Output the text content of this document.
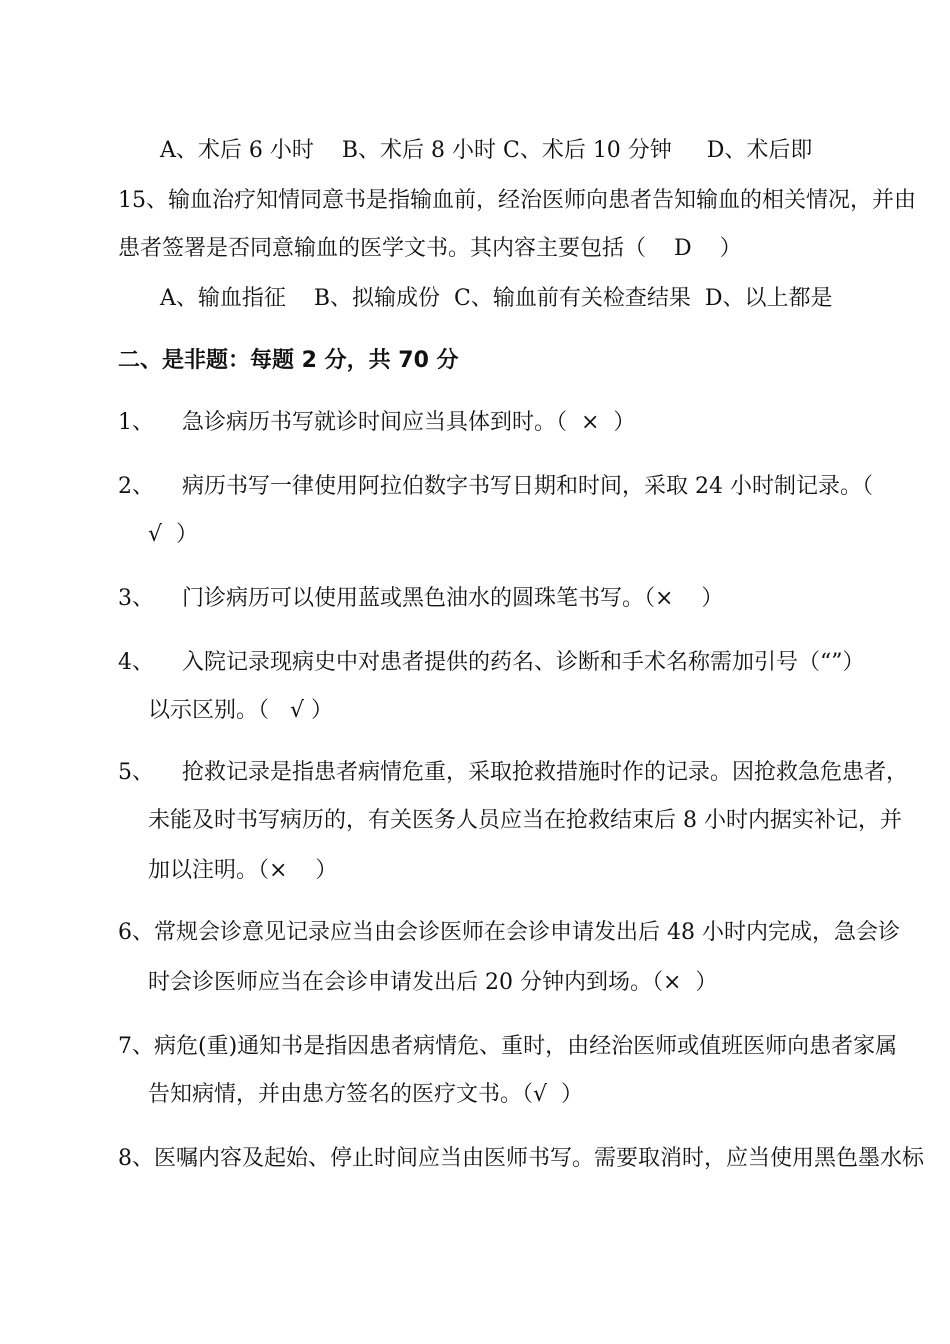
A、术后 6 小时    B、术后 8 小时 C、术后 10 分钟     D、术后即
15、输血治疗知情同意书是指输血前，经治医师向患者告知输血的相关情况，并由
患者签署是否同意输血的医学文书。其内容主要包括（    D    ）
A、输血指征    B、拟输成份  C、输血前有关检查结果  D、以上都是
二、是非题：每题 2 分，共 70 分
1、    急诊病历书写就诊时间应当具体到时。（  ×  ）
2、    病历书写一律使用阿拉伯数字书写日期和时间，采取 24 小时制记录。（
√  ）
3、    门诊病历可以使用蓝或黑色油水的圆珠笔书写。（×    ）
4、    入院记录现病史中对患者提供的药名、诊断和手术名称需加引号（“”）
以示区别。（   √ ）
5、    抢救记录是指患者病情危重，采取抢救措施时作的记录。因抢救急危患者，
未能及时书写病历的，有关医务人员应当在抢救结束后 8 小时内据实补记，并
加以注明。（×    ）
6、常规会诊意见记录应当由会诊医师在会诊申请发出后 48 小时内完成，急会诊
时会诊医师应当在会诊申请发出后 20 分钟内到场。（×  ）
7、病危(重)通知书是指因患者病情危、重时，由经治医师或值班医师向患者家属
告知病情，并由患方签名的医疗文书。（√  ）
8、医嘱内容及起始、停止时间应当由医师书写。需要取消时，应当使用黑色墨水标
